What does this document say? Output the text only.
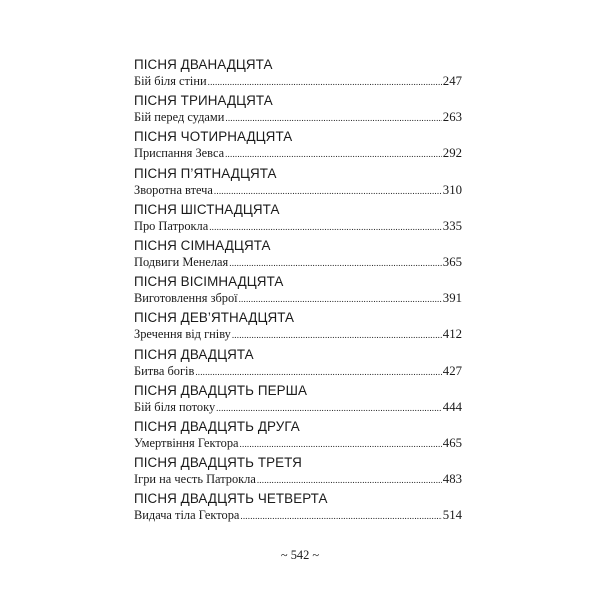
ПІСНЯ ДВАНАДЦЯТА
Бій біля стіни .....	247
ПІСНЯ ТРИНАДЦЯТА
Бій перед судами .....	263
ПІСНЯ ЧОТИРНАДЦЯТА
Приспання Зевса .....	292
ПІСНЯ П’ЯТНАДЦЯТА
Зворотна втеча .....	310
ПІСНЯ ШІСТНАДЦЯТА
Про Патрокла .....	335
ПІСНЯ СІМНАДЦЯТА
Подвиги Менелая .....	365
ПІСНЯ ВІСІМНАДЦЯТА
Виготовлення зброї .....	391
ПІСНЯ ДЕВ’ЯТНАДЦЯТА
Зречення від гніву .....	412
ПІСНЯ ДВАДЦЯТА
Битва богів .....	427
ПІСНЯ ДВАДЦЯТЬ ПЕРША
Бій біля потоку .....	444
ПІСНЯ ДВАДЦЯТЬ ДРУГА
Умертвіння Гектора .....	465
ПІСНЯ ДВАДЦЯТЬ ТРЕТЯ
Ігри на честь Патрокла .....	483
ПІСНЯ ДВАДЦЯТЬ ЧЕТВЕРТА
Видача тіла Гектора .....	514
~ 542 ~
